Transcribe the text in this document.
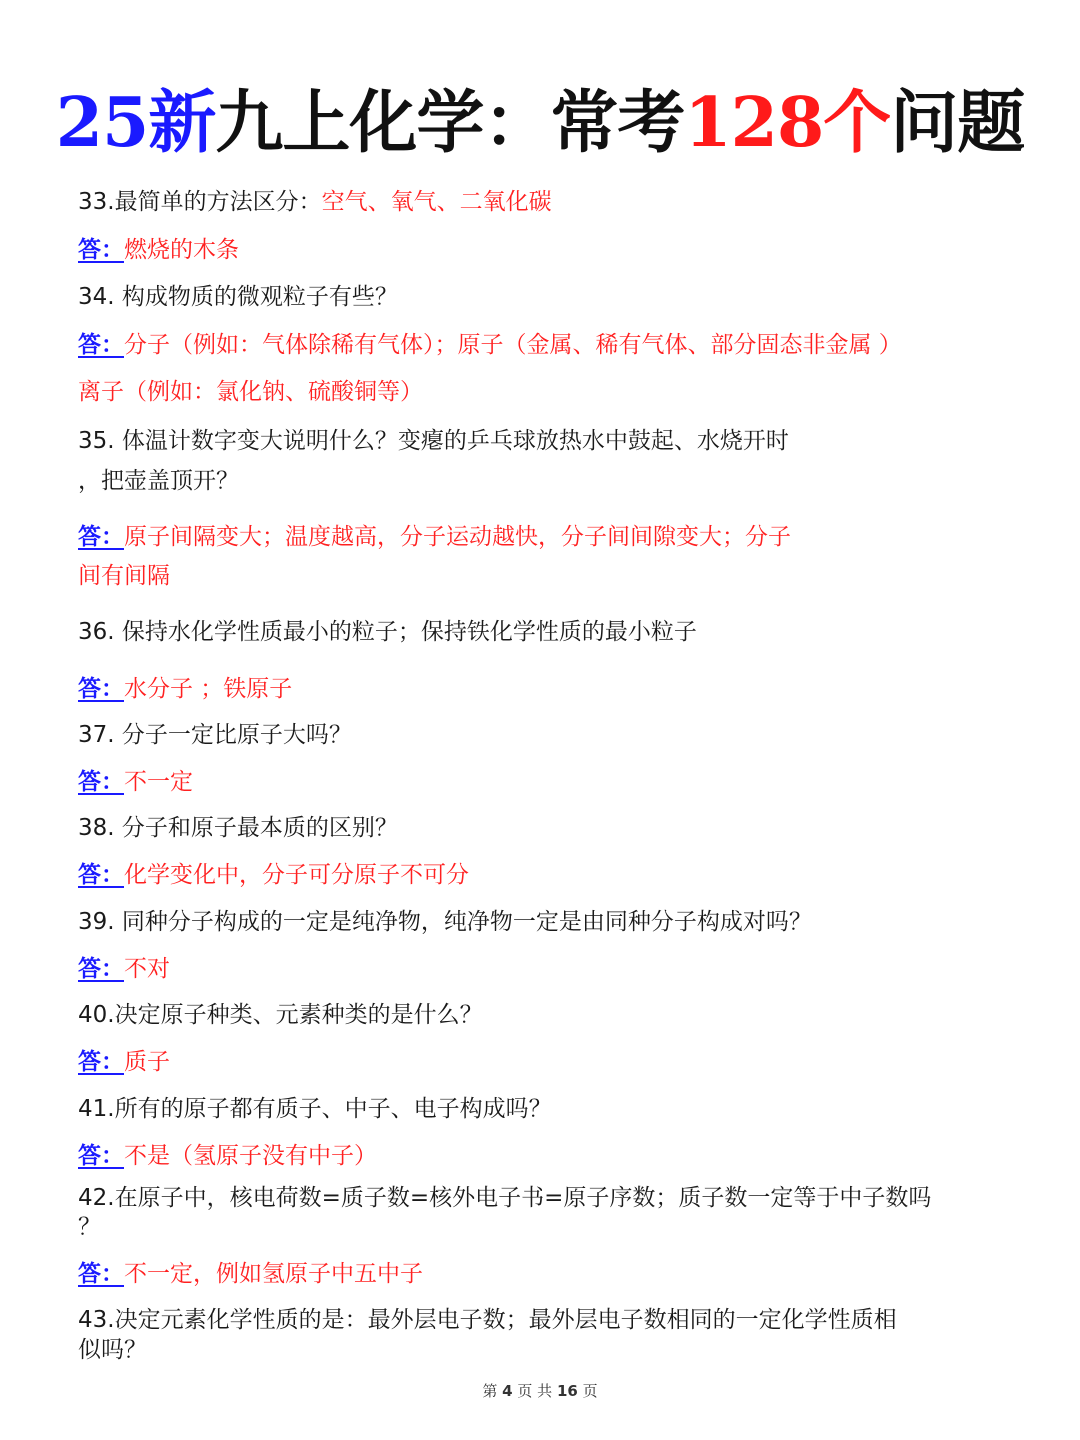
25新九上化学：常考128个问题
33.最简单的方法区分：空气、氧气、二氧化碳
答：燃烧的木条
34. 构成物质的微观粒子有些？
答：分子（例如：气体除稀有气体）；原子（金属、稀有气体、部分固态非金属 ）
离子（例如：氯化钠、硫酸铜等）
35. 体温计数字变大说明什么？变瘪的乒乓球放热水中鼓起、水烧开时
，把壶盖顶开？
答：原子间隔变大；温度越高，分子运动越快，分子间间隙变大；分子
间有间隔
36. 保持水化学性质最小的粒子；保持铁化学性质的最小粒子
答：水分子 ；铁原子
37. 分子一定比原子大吗？
答：不一定
38. 分子和原子最本质的区别？
答：化学变化中，分子可分原子不可分
39. 同种分子构成的一定是纯净物，纯净物一定是由同种分子构成对吗？
答：不对
40.决定原子种类、元素种类的是什么？
答：质子
41.所有的原子都有质子、中子、电子构成吗？
答：不是（氢原子没有中子）
42.在原子中，核电荷数=质子数=核外电子书=原子序数；质子数一定等于中子数吗
？
答：不一定，例如氢原子中五中子
43.决定元素化学性质的是：最外层电子数；最外层电子数相同的一定化学性质相
似吗？
第 4 页 共 16 页
